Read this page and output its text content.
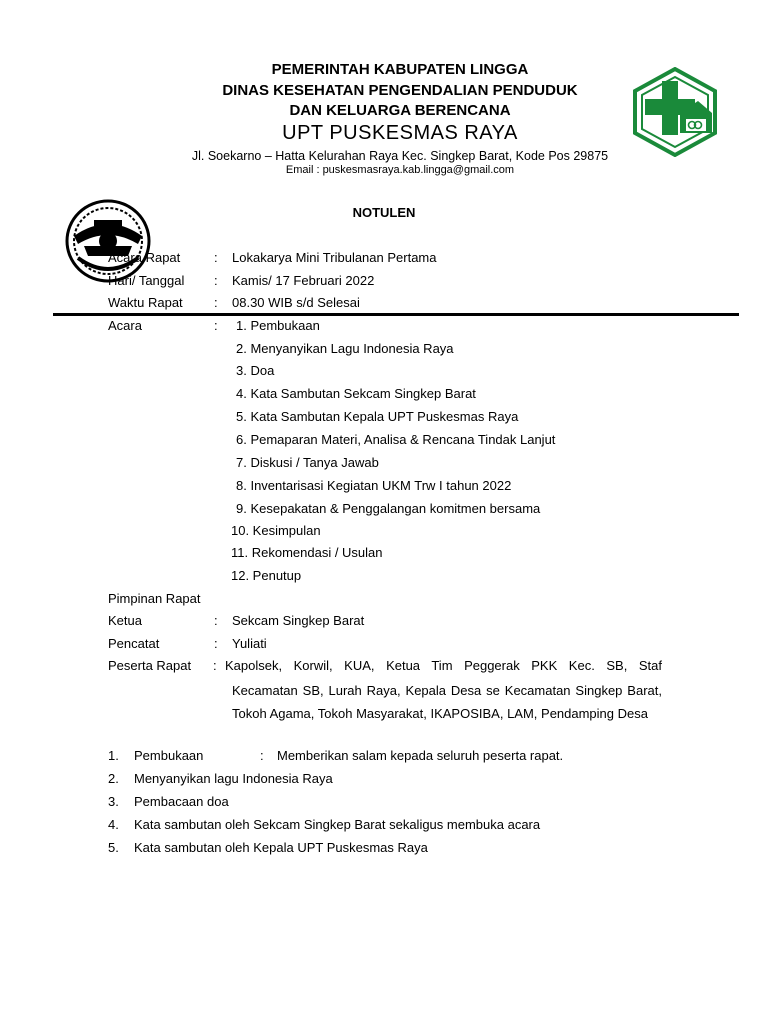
PEMERINTAH KABUPATEN LINGGA
DINAS KESEHATAN PENGENDALIAN PENDUDUK
DAN KELUARGA BERENCANA
UPT PUSKESMAS RAYA
Jl. Soekarno – Hatta Kelurahan Raya Kec. Singkep Barat, Kode Pos 29875
Email : puskesmasraya.kab.lingga@gmail.com
NOTULEN
Acara Rapat	: Lokakarya Mini Tribulanan Pertama
Hari/ Tanggal : Kamis/ 17 Februari 2022
Waktu Rapat : 08.30 WIB s/d Selesai
Acara	: 1. Pembukaan
2. Menyanyikan Lagu Indonesia Raya
3. Doa
4. Kata Sambutan Sekcam Singkep Barat
5. Kata Sambutan Kepala UPT Puskesmas Raya
6. Pemaparan Materi, Analisa & Rencana Tindak Lanjut
7. Diskusi / Tanya Jawab
8. Inventarisasi Kegiatan UKM Trw I tahun 2022
9. Kesepakatan & Penggalangan komitmen bersama
10. Kesimpulan
11. Rekomendasi / Usulan
12. Penutup
Pimpinan Rapat
Ketua	: Sekcam Singkep Barat
Pencatat	: Yuliati
Peserta Rapat : Kapolsek, Korwil, KUA, Ketua Tim Peggerak PKK Kec. SB, Staf
Kecamatan SB, Lurah Raya, Kepala Desa se Kecamatan Singkep Barat, Tokoh Agama, Tokoh Masyarakat, IKAPOSIBA, LAM, Pendamping Desa
1. Pembukaan	: Memberikan salam kepada seluruh peserta rapat.
2. Menyanyikan lagu Indonesia Raya
3. Pembacaan doa
4. Kata sambutan oleh Sekcam Singkep Barat sekaligus membuka acara
5. Kata sambutan oleh Kepala UPT Puskesmas Raya
